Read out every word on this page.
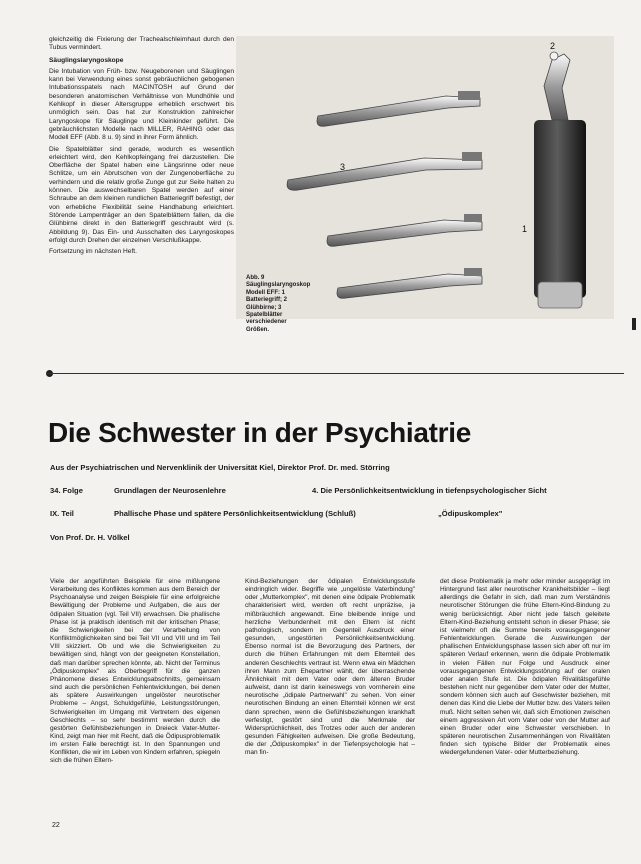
gleichzeitig die Fixierung der Trachealschleimhaut durch den Tubus vermindert.

Säuglingslaryngoskope

Die Intubation von Früh- bzw. Neugeborenen und Säuglingen kann bei Verwendung eines sonst gebräuchlichen gebogenen Intubationsspatels nach MACINTOSH auf Grund der besonderen anatomischen Verhältnisse von Mundhöhle und Kehlkopf in dieser Altersgruppe erheblich erschwert bis unmöglich sein. Das hat zur Konstruktion zahlreicher Laryngoskope für Säuglinge und Kleinkinder geführt. Die gebräuchlichsten Modelle nach MILLER, RAHING oder das Modell EFF (Abb. 8 u. 9) sind in ihrer Form ähnlich.

Die Spatelblätter sind gerade, wodurch es wesentlich erleichtert wird, den Kehlkopfeingang frei darzustellen. Die Oberfläche der Spatel haben eine Längsrinne oder neue Schlitze, um ein Abrutschen von der Zungenoberfläche zu verhindern und die relativ große Zunge gut zur Seite halten zu können. Die auswechselbaren Spatel werden auf einer Schraube an dem kleinen rundlichen Batteriegriff befestigt, der von erhebliche Flexibilität seine Handhabung erleichtert. Störende Lampenträger an den Spatelblättern fallen, da die Glühbirne direkt in den Batteriegriff geschraubt wird (s. Abbildung 9). Das Ein- und Ausschalten des Laryngoskopes erfolgt durch Drehen der einzelnen Verschlußkappe.

Fortsetzung im nächsten Heft.

2
3
1
Abb. 9 Säuglingslaryngoskop Modell EFF: 1 Batteriegriff; 2 Glühbirne; 3 Spatelblätter verschiedener Größen.
Die Schwester in der Psychiatrie
Aus der Psychiatrischen und Nervenklinik der Universität Kiel, Direktor Prof. Dr. med. Störring
34. Folge	Grundlagen der Neurosenlehre	4. Die Persönlichkeitsentwicklung in tiefenpsychologischer Sicht
IX. Teil	Phallische Phase und spätere Persönlichkeitsentwicklung (Schluß)	„Ödipuskomplex"
Von Prof. Dr. H. Völkel

Viele der angeführten Beispiele für eine mißlungene Verarbeitung des Konfliktes kommen aus dem Bereich der Psychoanalyse und zeigen Beispiele für eine erfolgreiche Bewältigung der Probleme und Aufgaben, die aus der ödipalen Situation (vgl. Teil VII) erwachsen. Die phallische Phase ist ja praktisch identisch mit der kritischen Phase; die Schwierigkeiten bei der Verarbeitung von Konfliktmöglichkeiten sind bei Teil VII und VIII und im Teil VIII skizziert. Ob und wie die Schwierigkeiten zu bewältigen sind, hängt von der geeigneten Konstellation, daß man darüber sprechen könnte, ab. Nicht der Terminus „Ödipuskomplex" als Oberbegriff für die ganzen Phänomene dieses Entwicklungsabschnitts, gemeinsam sind auch die persönlichen Fehlentwicklungen, bei denen als spätere Auswirkungen ungelöster neurotischer Probleme – Angst, Schuldgefühle, Leistungsstörungen, Schwierigkeiten im Umgang mit Vertretern des eigenen Geschlechts – so sehr bestimmt werden durch die gestörten Gefühlsbeziehungen in Dreieck Vater-Mutter-Kind, zeigt man hier mit Recht, daß die Ödipusproblematik im ersten Falle berechtigt ist. In den Spannungen und Konflikten, die wir im Leben von Kindern erfahren, spiegeln sich die frühen Eltern-

Kind-Beziehungen der ödipalen Entwicklungsstufe eindringlich wider. Begriffe wie „ungelöste Vaterbindung" oder „Mutterkomplex", mit denen eine ödipale Problematik charakterisiert wird, werden oft recht unpräzise, ja mißbräuchlich angewandt. Eine bleibende innige und herzliche Verbundenheit mit den Eltern ist nicht pathologisch, sondern im Gegenteil Ausdruck einer gesunden, ungestörten Persönlichkeitsentwicklung. Ebenso normal ist die Bevorzugung des Partners, der durch die frühen Erfahrungen mit dem Elternteil des anderen Geschlechts vertraut ist. Wenn etwa ein Mädchen ihren Mann zum Ehepartner wählt, der überraschende Ähnlichkeit mit dem Vater oder dem älteren Bruder aufweist, dann ist darin keineswegs von vornherein eine neurotische „ödipale Partnerwahl" zu sehen. Von einer neurotischen Bindung an einen Elternteil können wir erst dann sprechen, wenn die Gefühlsbeziehungen krankhaft verfestigt, gestört sind und die Merkmale der Widersprüchlichkeit, des Trotzes oder auch der anderen gesunden Fähigkeiten aufweisen. Die große Bedeutung, die der „Ödipuskomplex" in der Tiefenpsychologie hat – man fin-

det diese Problematik ja mehr oder minder ausgeprägt im Hintergrund fast aller neurotischer Krankheitsbilder – liegt allerdings die Gefahr in sich, daß man zum Verständnis neurotischer Störungen die frühe Eltern-Kind-Bindung zu wenig berücksichtigt. Aber nicht jede falsch geleitete Eltern-Kind-Beziehung entsteht schon in dieser Phase; sie ist vielmehr oft die Summe bereits vorausgegangener Fehlentwicklungen. Gerade die Auswirkungen der phallischen Entwicklungsphase lassen sich aber oft nur im späteren Verlauf erkennen, wenn die ödipale Problematik in vielen Fällen nur Folge und Ausdruck einer vorausgegangenen Entwicklungsstörung auf der oralen oder analen Stufe ist. Die ödipalen Rivalitätsgefühle bestehen nicht nur gegenüber dem Vater oder der Mutter, sondern können sich auch auf Geschwister beziehen, mit denen das Kind die Liebe der Mutter bzw. des Vaters teilen muß. Nicht selten sehen wir, daß sich Emotionen zwischen einem aggressiven Art vom Vater oder von der Mutter auf einen Bruder oder eine Schwester verschieben. In späteren neurotischen Zusammenhängen von Rivalitäten finden sich typische Bilder der Problematik eines wiedergefundenen Vater- oder Mutterbeziehung.

22
